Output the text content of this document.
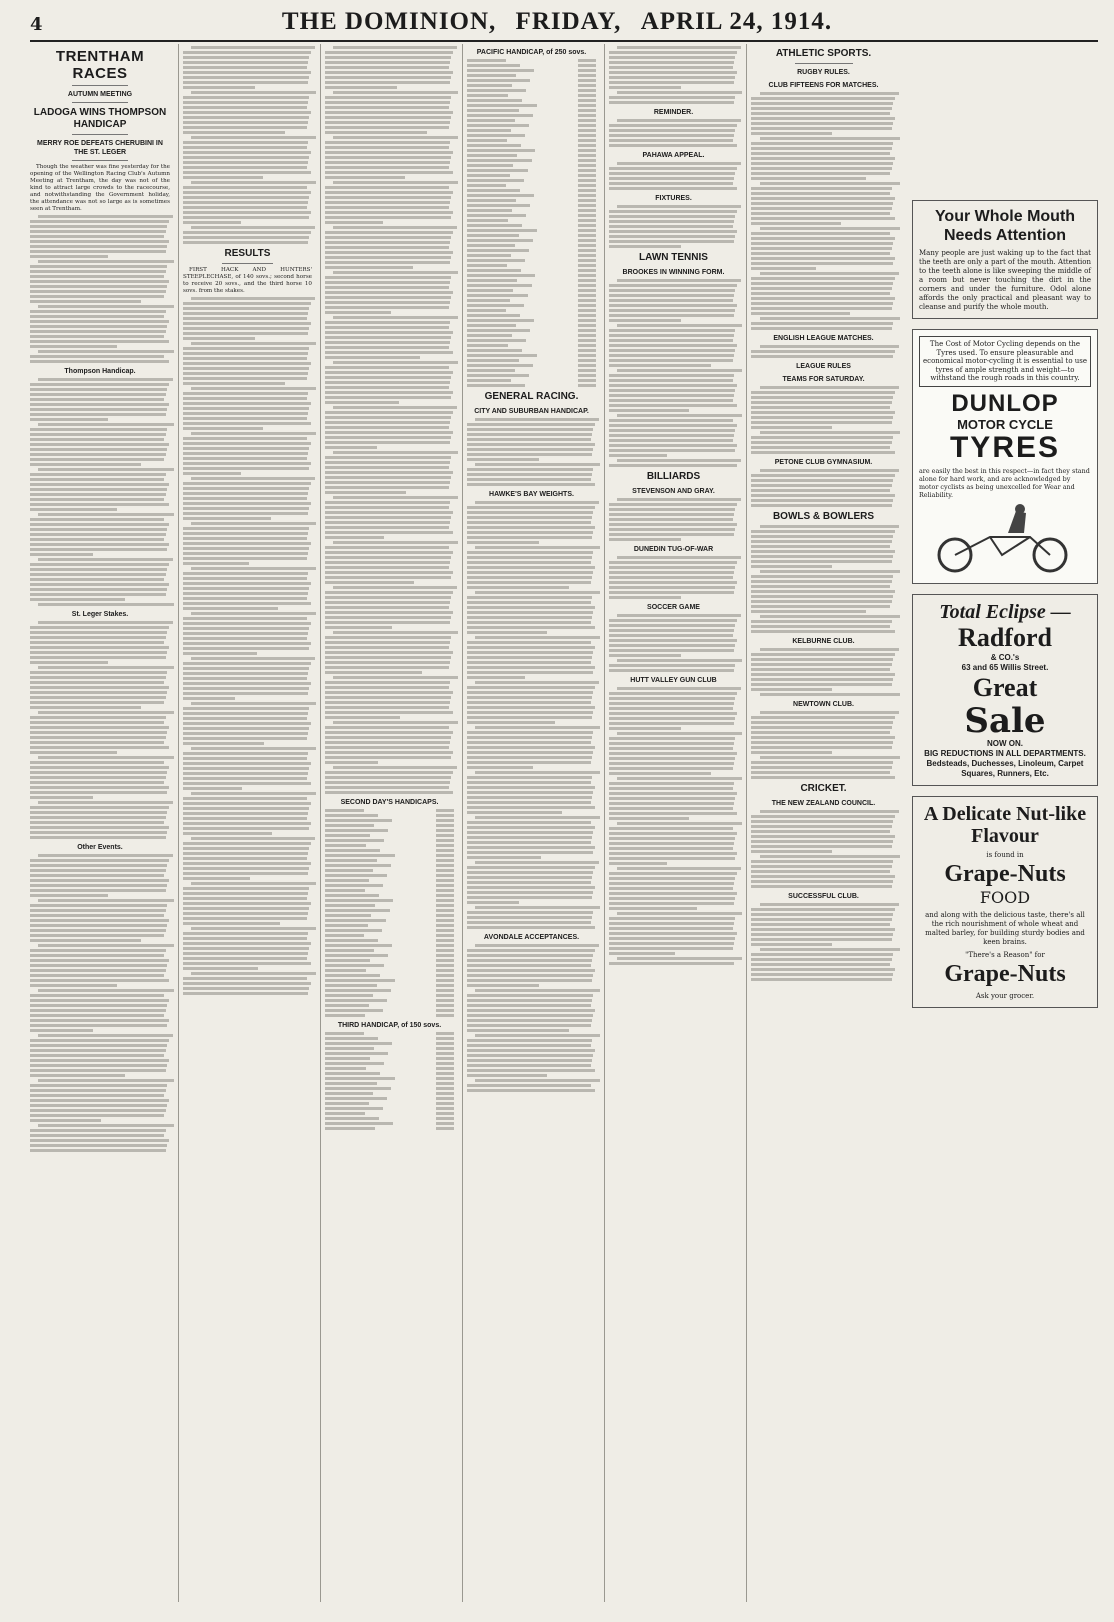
4	THE DOMINION, FRIDAY, APRIL 24, 1914.
TRENTHAM RACES
AUTUMN MEETING
LADOGA WINS THOMPSON HANDICAP
MERRY ROE DEFEATS CHERUBINI IN THE ST. LEGER

Though the weather was fine yesterday for the opening of the Wellington Racing Club's Autumn Meeting at Trentham, the day was not of the kind to attract large crowds to the racecourse, and notwithstanding the Government holiday, the attendance was not so large as is sometimes seen at Trentham.

Thompson Handicap.
St. Leger Stakes.
Other Events.
RESULTS

FIRST HACK AND HUNTERS' STEEPLECHASE, of 140 sovs.; second horse to receive 20 sovs., and the third horse 10 sovs. from the stakes.

SECOND DAY'S HANDICAPS.
THIRD HANDICAP, of 150 sovs.
PACIFIC HANDICAP, of 250 sovs.
GENERAL RACING.
CITY AND SUBURBAN HANDICAP.
HAWKE'S BAY WEIGHTS.
AVONDALE ACCEPTANCES.
REMINDER.
PAHAWA APPEAL.
FIXTURES.
LAWN TENNIS
BROOKES IN WINNING FORM.
BILLIARDS
STEVENSON AND GRAY.
DUNEDIN TUG-OF-WAR
SOCCER GAME
HUTT VALLEY GUN CLUB
ATHLETIC SPORTS.
RUGBY RULES.
CLUB FIFTEENS FOR MATCHES.
ENGLISH LEAGUE MATCHES.
LEAGUE RULES
TEAMS FOR SATURDAY.
PETONE CLUB GYMNASIUM.
BOWLS & BOWLERS
KELBURNE CLUB.
NEWTOWN CLUB.
CRICKET.
THE NEW ZEALAND COUNCIL.
SUCCESSFUL CLUB.
Your Whole Mouth Needs Attention
Many people are just waking up to the fact that the teeth are only a part of the mouth. Attention to the teeth alone is like sweeping the middle of a room but never touching the dirt in the corners and under the furniture. Odol alone affords the only practical and pleasant way to cleanse and purify the whole mouth.
The Cost of Motor Cycling depends on the Tyres used. To ensure pleasurable and economical motor-cycling it is essential to use tyres of ample strength and weight—to withstand the rough roads in this country.
DUNLOP
MOTOR CYCLE
TYRES
are easily the best in this respect—in fact they stand alone for hard work, and are acknowledged by motor cyclists as being unexcelled for Wear and Reliability.
Total Eclipse —
Radford
& CO.'s
63 and 65 Willis Street.
Great
Sale
NOW ON.
BIG REDUCTIONS IN ALL DEPARTMENTS.
Bedsteads, Duchesses, Linoleum, Carpet Squares, Runners, Etc.
A Delicate Nut-like Flavour
is found in
Grape-Nuts
FOOD
and along with the delicious taste, there's all the rich nourishment of whole wheat and malted barley, for building sturdy bodies and keen brains.
"There's a Reason" for
Grape-Nuts
Ask your grocer.
